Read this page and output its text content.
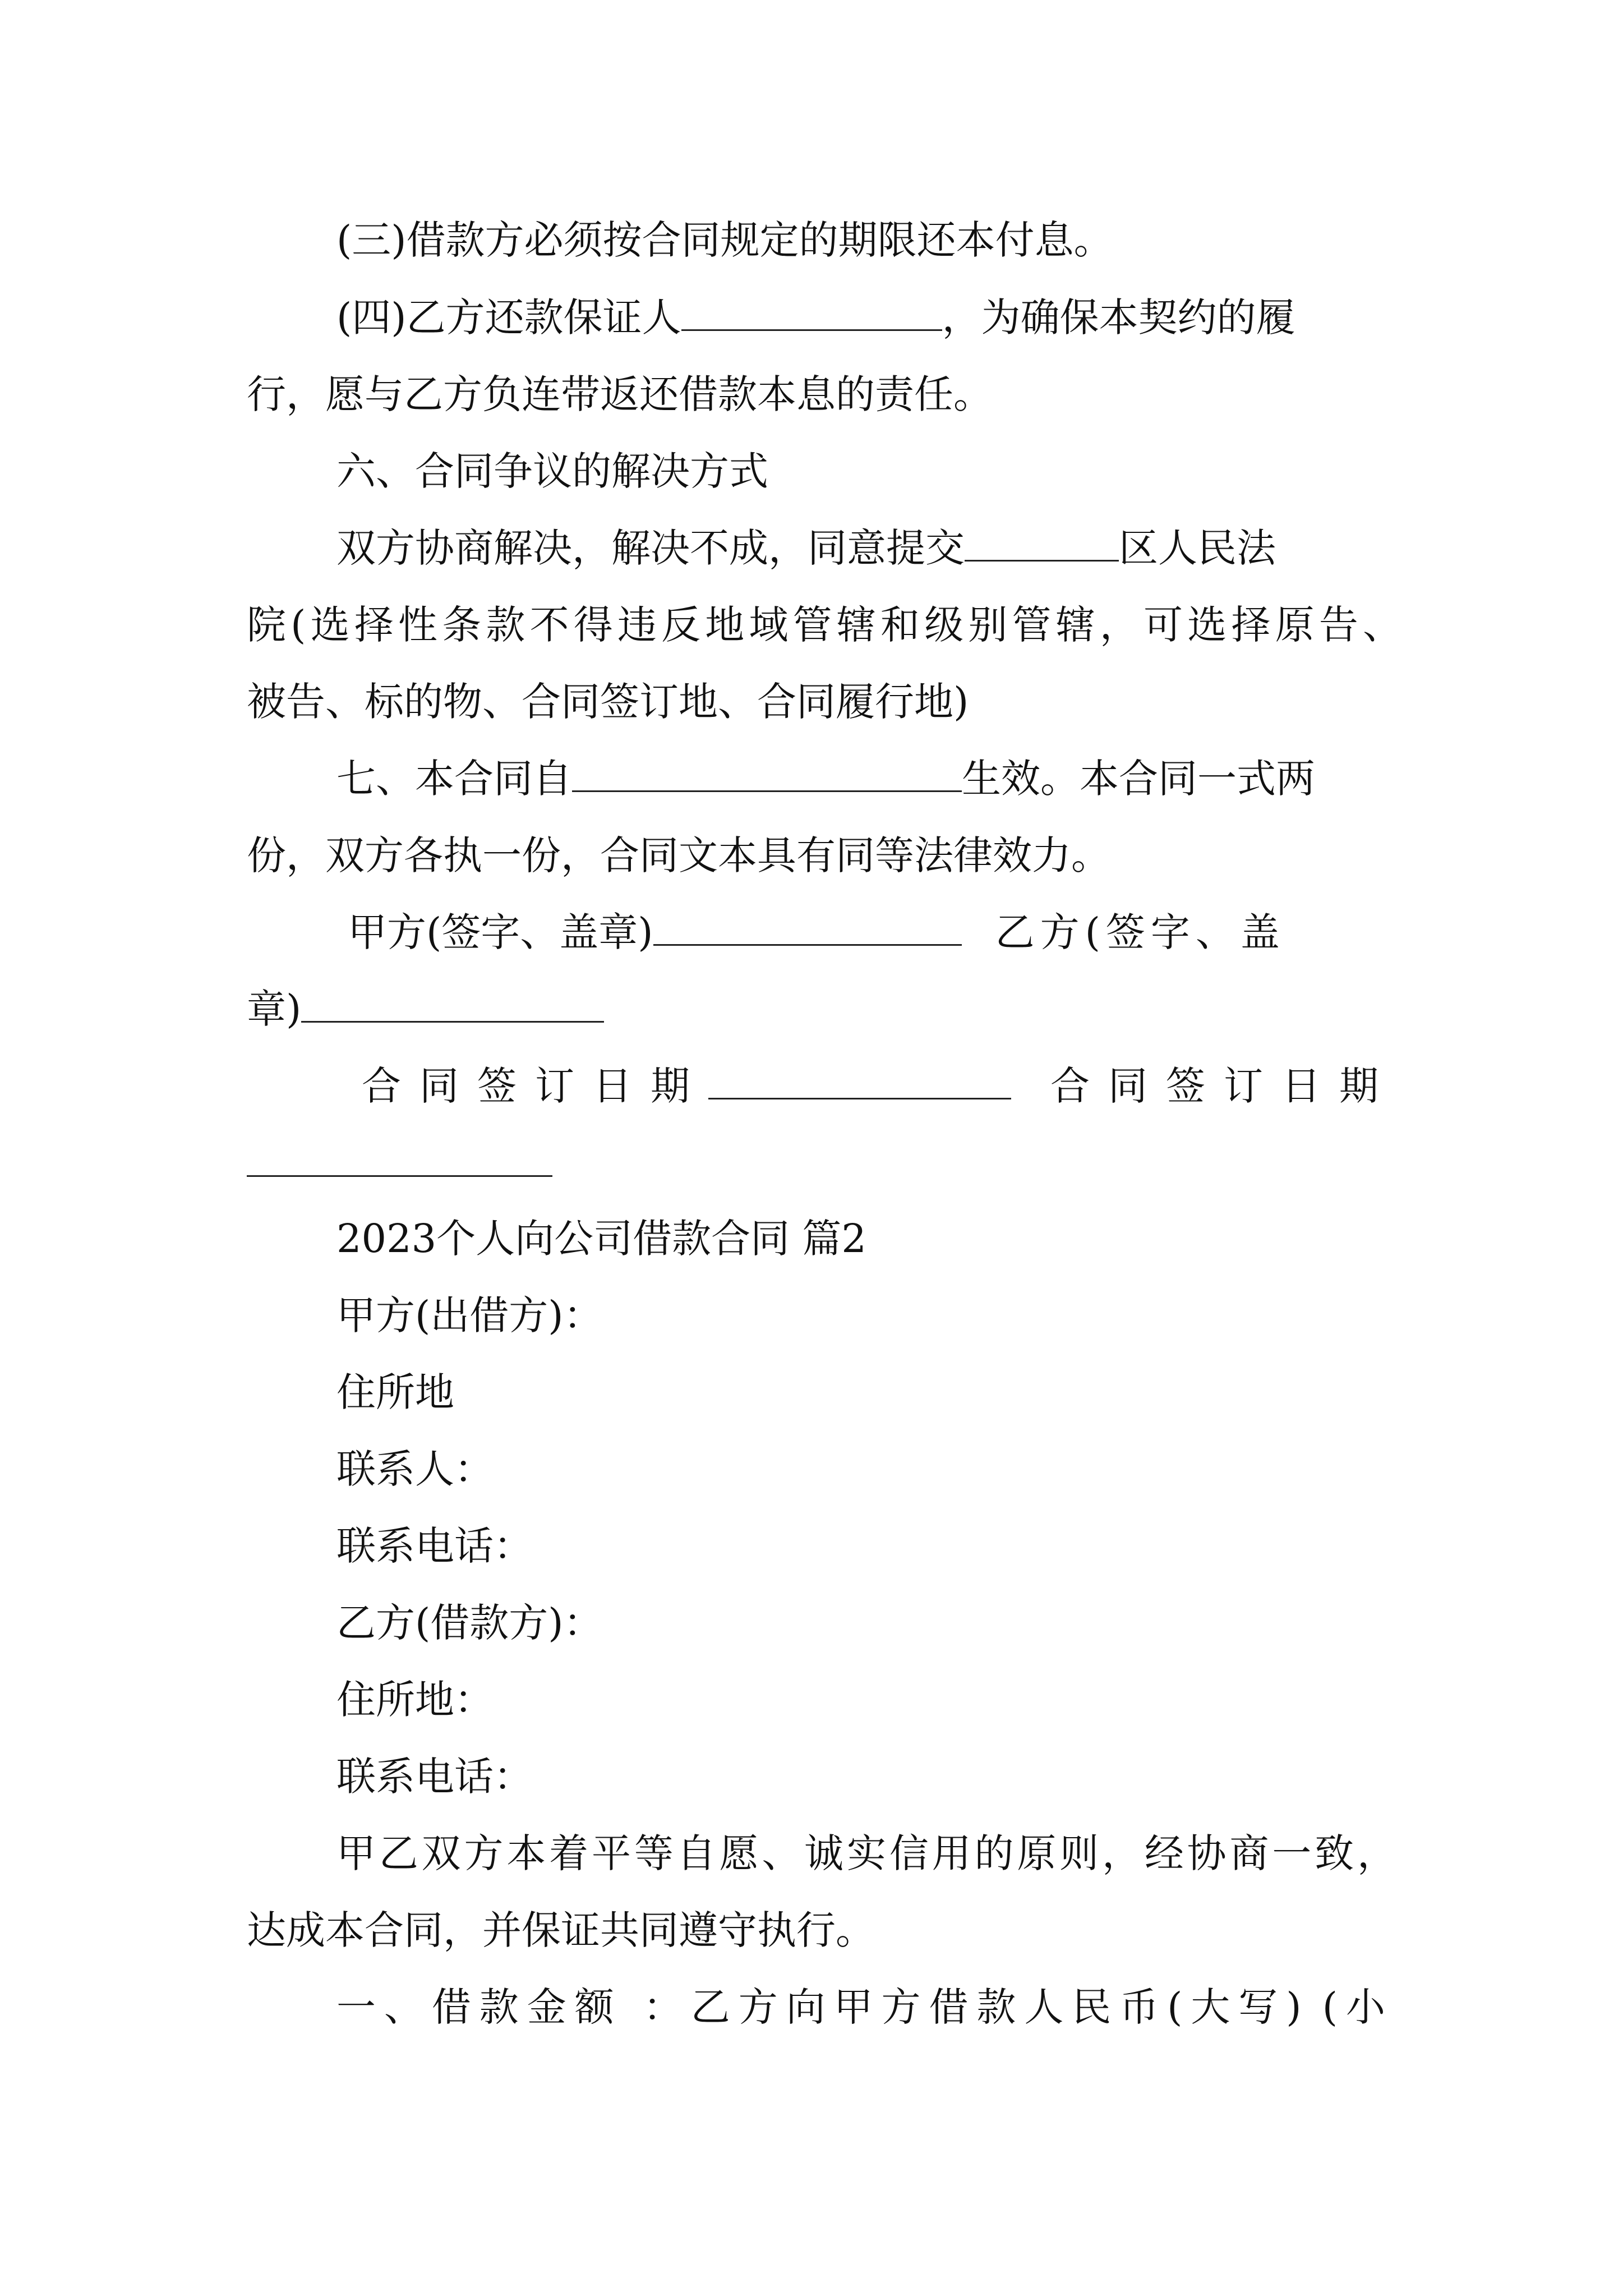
(三)借款方必须按合同规定的期限还本付息。
(四)乙方还款保证人	，为确保本契约的履
行，愿与乙方负连带返还借款本息的责任。
六、合同争议的解决方式
双方协商解决，解决不成，同意提交	区人民法
院(选择性条款不得违反地域管辖和级别管辖，可选择原告、
被告、标的物、合同签订地、合同履行地)
七、本合同自	生效。本合同一式两
份，双方各执一份，合同文本具有同等法律效力。
甲方(签字、盖章)	乙方(签字、盖
章)
合同签订日期	合同签订日期
2023个人向公司借款合同 篇2
甲方(出借方)：
住所地
联系人：
联系电话：
乙方(借款方)：
住所地：
联系电话：
甲乙双方本着平等自愿、诚实信用的原则，经协商一致，
达成本合同，并保证共同遵守执行。
一、借款金额 ：乙方向甲方借款人民币(大写) (小
